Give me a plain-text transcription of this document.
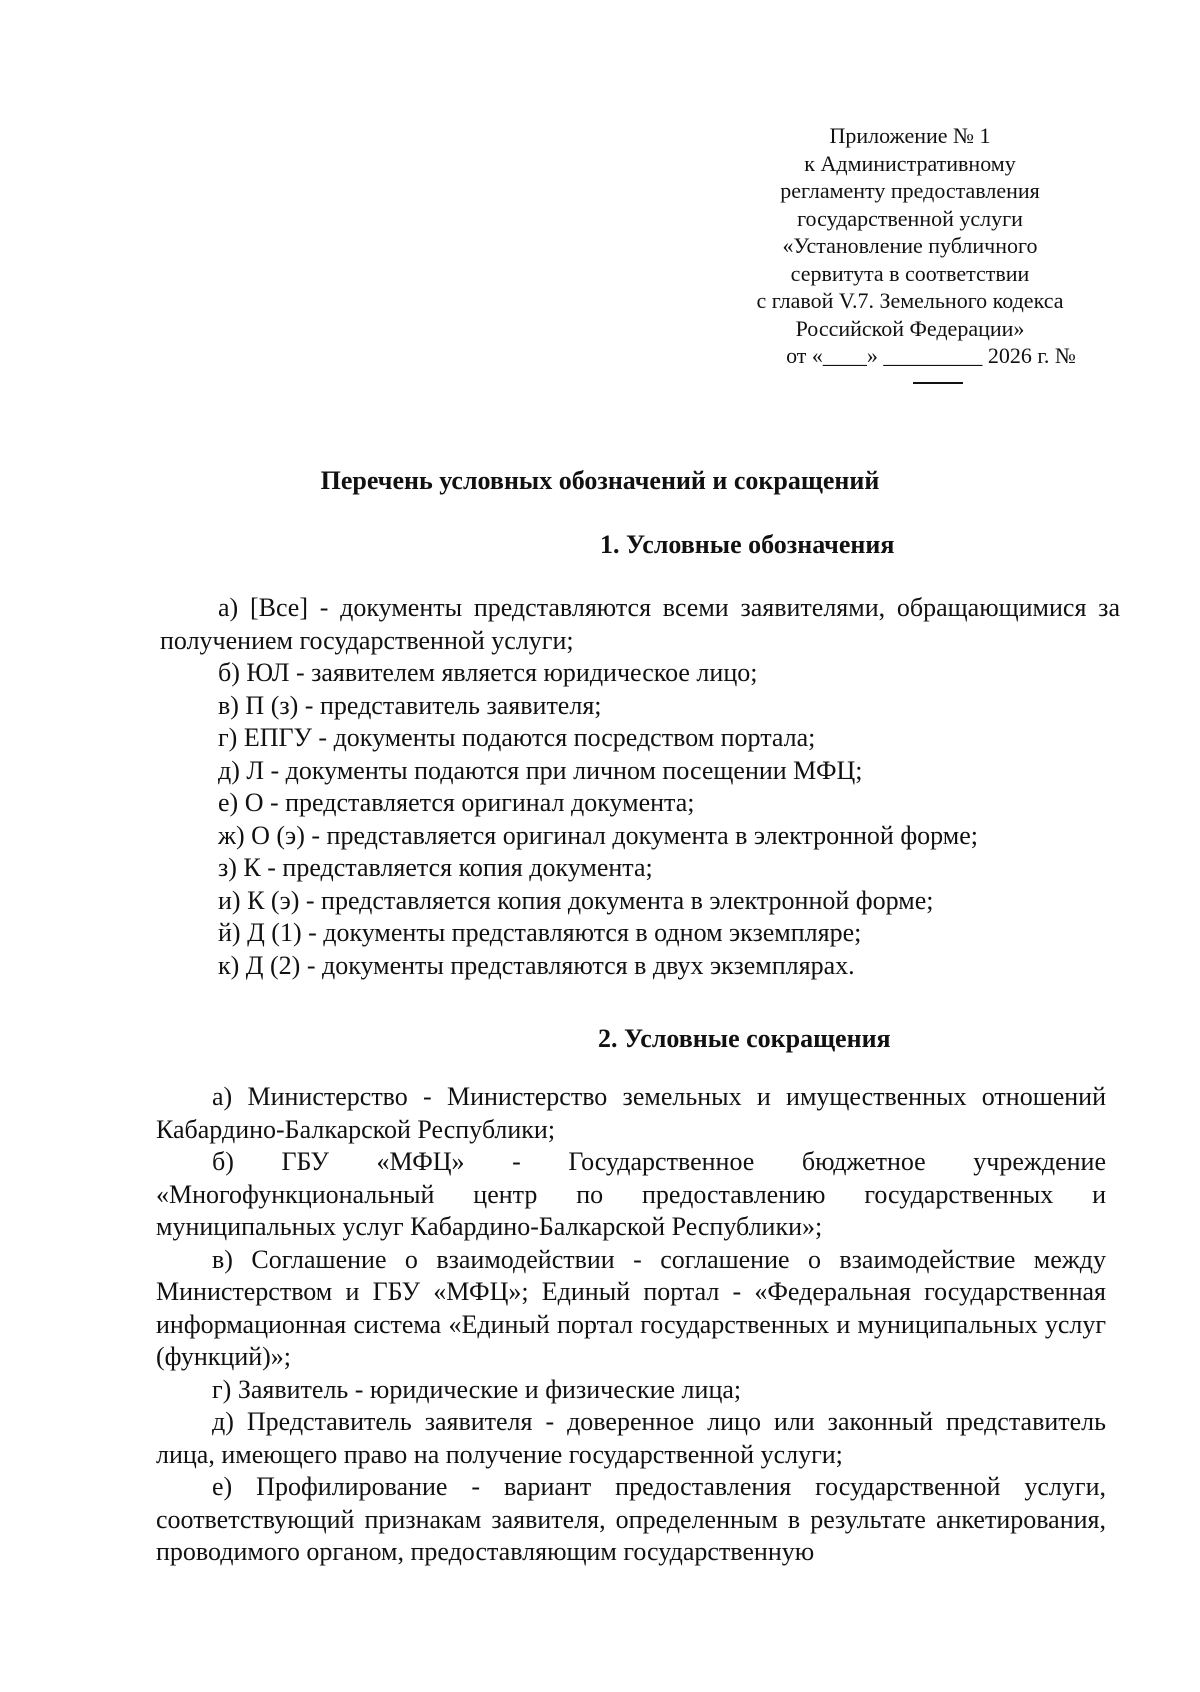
Приложение № 1
к Административному
регламенту предоставления
государственной услуги
«Установление публичного
сервитута в соответствии
с главой V.7. Земельного кодекса
Российской Федерации»
от «____» _________ 2026 г. №
Перечень условных обозначений и сокращений
1. Условные обозначения
а) [Все] - документы представляются всеми заявителями, обращающимися за получением государственной услуги;
б) ЮЛ - заявителем является юридическое лицо;
в) П (з) - представитель заявителя;
г) ЕПГУ - документы подаются посредством портала;
д) Л - документы подаются при личном посещении МФЦ;
е) О - представляется оригинал документа;
ж) О (э) - представляется оригинал документа в электронной форме;
з) К - представляется копия документа;
и) К (э) - представляется копия документа в электронной форме;
й) Д (1) - документы представляются в одном экземпляре;
к) Д (2) - документы представляются в двух экземплярах.
2. Условные сокращения
а) Министерство - Министерство земельных и имущественных отношений Кабардино-Балкарской Республики;
б) ГБУ «МФЦ» - Государственное бюджетное учреждение «Многофункциональный центр по предоставлению государственных и муниципальных услуг Кабардино-Балкарской Республики»;
в) Соглашение о взаимодействии - соглашение о взаимодействие между Министерством и ГБУ «МФЦ»; Единый портал - «Федеральная государственная информационная система «Единый портал государственных и муниципальных услуг (функций)»;
г) Заявитель - юридические и физические лица;
д) Представитель заявителя - доверенное лицо или законный представитель лица, имеющего право на получение государственной услуги;
е) Профилирование - вариант предоставления государственной услуги, соответствующий признакам заявителя, определенным в результате анкетирования, проводимого органом, предоставляющим государственную
